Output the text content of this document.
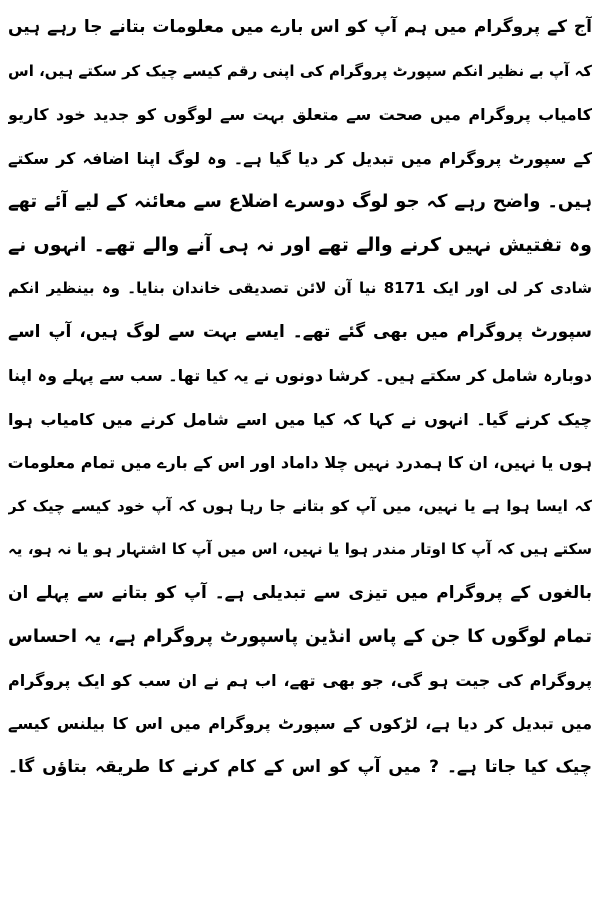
آج کے پروگرام میں ہم آپ کو اس بارے میں معلومات بتانے جا رہے ہیں
کہ آپ بے نظیر انکم سپورٹ پروگرام کی اپنی رقم کیسے چیک کر سکتے ہیں، اس
کامیاب پروگرام میں صحت سے متعلق بہت سے لوگوں کو جدید خود کاریو
کے سپورٹ پروگرام میں تبدیل کر دیا گیا ہے۔ وہ لوگ اپنا اضافہ کر سکتے
ہیں۔ واضح رہے کہ جو لوگ دوسرے اضلاع سے معائنہ کے لیے آئے تھے
وہ تفتیش نہیں کرنے والے تھے اور نہ ہی آنے والے تھے۔ انہوں نے
شادی کر لی اور ایک 8171 نیا آن لائن تصدیقی خاندان بنایا۔ وہ بینظیر انکم
سپورٹ پروگرام میں بھی گئے تھے۔ ایسے بہت سے لوگ ہیں، آپ اسے
دوبارہ شامل کر سکتے ہیں۔ کرشا دونوں نے یہ کیا تھا۔ سب سے پہلے وہ اپنا
چیک کرنے گیا۔ انہوں نے کہا کہ کیا میں اسے شامل کرنے میں کامیاب ہوا
ہوں یا نہیں، ان کا ہمدرد نہیں چلا داماد اور اس کے بارے میں تمام معلومات
کہ ایسا ہوا ہے یا نہیں، میں آپ کو بتانے جا رہا ہوں کہ آپ خود کیسے چیک کر
سکتے ہیں کہ آپ کا اوتار مندر ہوا یا نہیں، اس میں آپ کا اشتہار ہو یا نہ ہو، یہ
بالغوں کے پروگرام میں تیزی سے تبدیلی ہے۔ آپ کو بتانے سے پہلے ان
تمام لوگوں کا جن کے پاس انڈین پاسپورٹ پروگرام ہے، یہ احساس
پروگرام کی جیت ہو گی، جو بھی تھے، اب ہم نے ان سب کو ایک پروگرام
میں تبدیل کر دیا ہے، لڑکوں کے سپورٹ پروگرام میں اس کا بیلنس کیسے
چیک کیا جاتا ہے۔ ? میں آپ کو اس کے کام کرنے کا طریقہ بتاؤں گا۔
